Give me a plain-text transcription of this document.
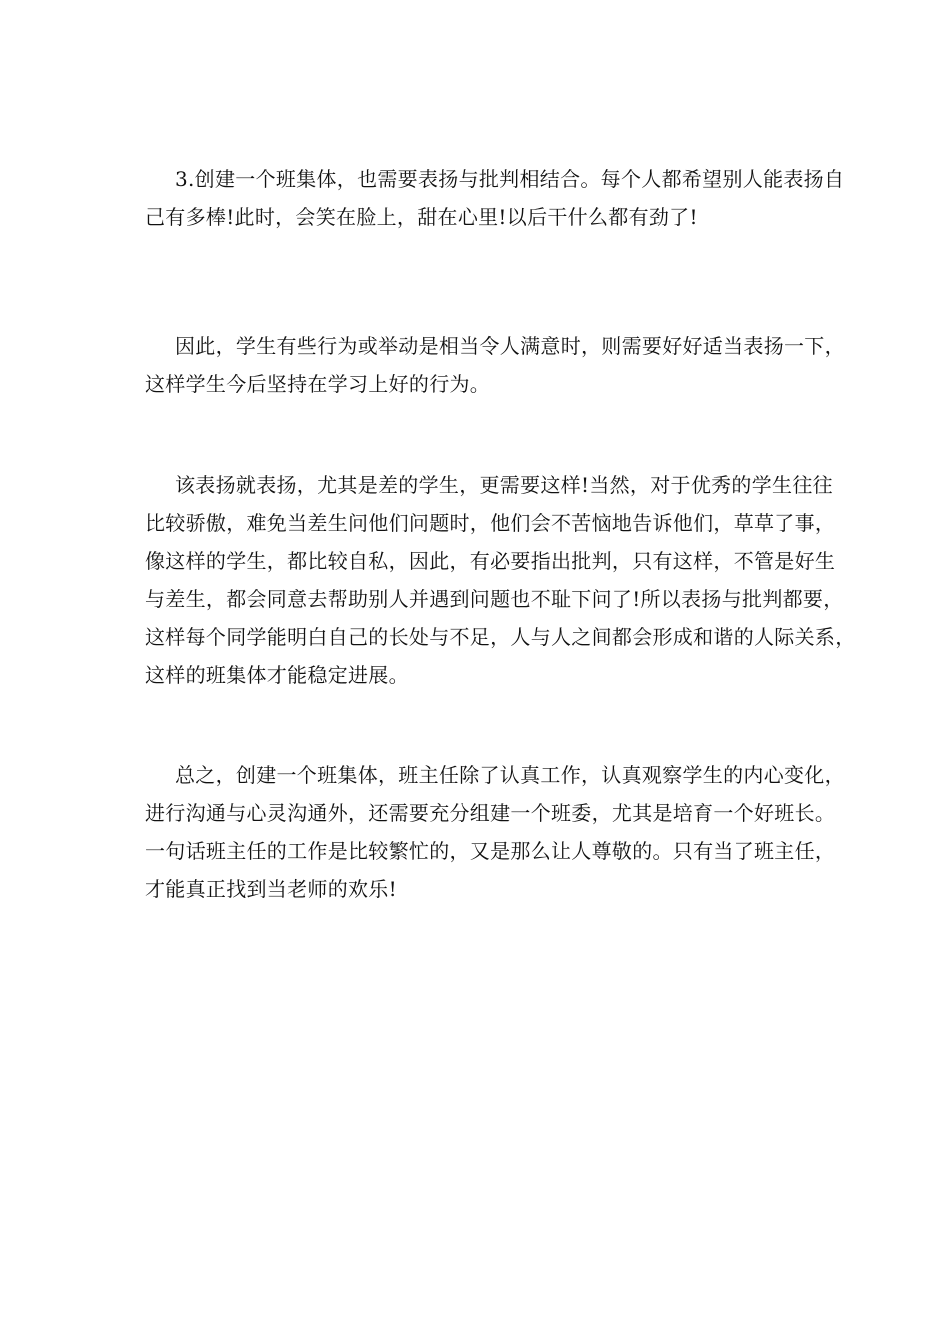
3.创建一个班集体，也需要表扬与批判相结合。每个人都希望别人能表扬自
己有多棒!此时，会笑在脸上，甜在心里!以后干什么都有劲了!

因此，学生有些行为或举动是相当令人满意时，则需要好好适当表扬一下，
这样学生今后坚持在学习上好的行为。

该表扬就表扬，尤其是差的学生，更需要这样!当然，对于优秀的学生往往
比较骄傲，难免当差生问他们问题时，他们会不苦恼地告诉他们，草草了事，
像这样的学生，都比较自私，因此，有必要指出批判，只有这样，不管是好生
与差生，都会同意去帮助别人并遇到问题也不耻下问了!所以表扬与批判都要，
这样每个同学能明白自己的长处与不足，人与人之间都会形成和谐的人际关系，
这样的班集体才能稳定进展。

总之，创建一个班集体，班主任除了认真工作，认真观察学生的内心变化，
进行沟通与心灵沟通外，还需要充分组建一个班委，尤其是培育一个好班长。
一句话班主任的工作是比较繁忙的，又是那么让人尊敬的。只有当了班主任，
才能真正找到当老师的欢乐!
